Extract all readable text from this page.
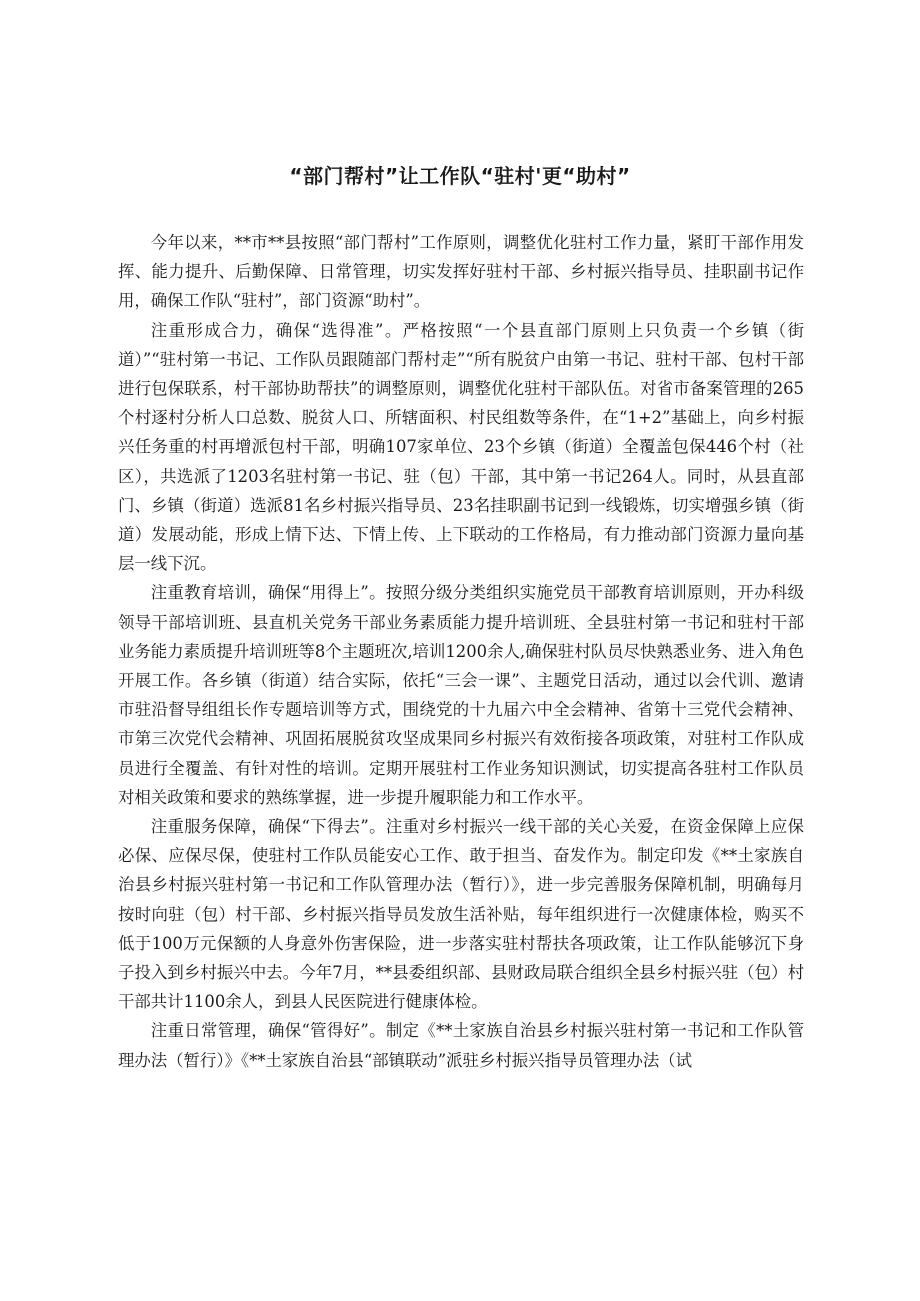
“部门帮村”让工作队“驻村'更“助村”

今年以来，**市**县按照“部门帮村”工作原则，调整优化驻村工作力量，紧盯干部作用发挥、能力提升、后勤保障、日常管理，切实发挥好驻村干部、乡村振兴指导员、挂职副书记作用，确保工作队“驻村”，部门资源“助村”。

注重形成合力，确保“选得准”。严格按照“一个县直部门原则上只负责一个乡镇（街道）”“驻村第一书记、工作队员跟随部门帮村走”“所有脱贫户由第一书记、驻村干部、包村干部进行包保联系，村干部协助帮扶”的调整原则，调整优化驻村干部队伍。对省市备案管理的265个村逐村分析人口总数、脱贫人口、所辖面积、村民组数等条件，在“1+2”基础上，向乡村振兴任务重的村再增派包村干部，明确107家单位、23个乡镇（街道）全覆盖包保446个村（社区），共选派了1203名驻村第一书记、驻（包）干部，其中第一书记264人。同时，从县直部门、乡镇（街道）选派81名乡村振兴指导员、23名挂职副书记到一线锻炼，切实增强乡镇（街道）发展动能，形成上情下达、下情上传、上下联动的工作格局，有力推动部门资源力量向基层一线下沉。

注重教育培训，确保“用得上”。按照分级分类组织实施党员干部教育培训原则，开办科级领导干部培训班、县直机关党务干部业务素质能力提升培训班、全县驻村第一书记和驻村干部业务能力素质提升培训班等8个主题班次,培训1200余人,确保驻村队员尽快熟悉业务、进入角色开展工作。各乡镇（街道）结合实际，依托“三会一课”、主题党日活动，通过以会代训、邀请市驻沿督导组组长作专题培训等方式，围绕党的十九届六中全会精神、省第十三党代会精神、市第三次党代会精神、巩固拓展脱贫攻坚成果同乡村振兴有效衔接各项政策，对驻村工作队成员进行全覆盖、有针对性的培训。定期开展驻村工作业务知识测试，切实提高各驻村工作队员对相关政策和要求的熟练掌握，进一步提升履职能力和工作水平。

注重服务保障，确保“下得去”。注重对乡村振兴一线干部的关心关爱，在资金保障上应保必保、应保尽保，使驻村工作队员能安心工作、敢于担当、奋发作为。制定印发《**土家族自治县乡村振兴驻村第一书记和工作队管理办法（暂行）》，进一步完善服务保障机制，明确每月按时向驻（包）村干部、乡村振兴指导员发放生活补贴，每年组织进行一次健康体检，购买不低于100万元保额的人身意外伤害保险，进一步落实驻村帮扶各项政策，让工作队能够沉下身子投入到乡村振兴中去。今年7月，**县委组织部、县财政局联合组织全县乡村振兴驻（包）村干部共计1100余人，到县人民医院进行健康体检。

注重日常管理，确保“管得好”。制定《**土家族自治县乡村振兴驻村第一书记和工作队管理办法（暂行）》《**土家族自治县“部镇联动”派驻乡村振兴指导员管理办法（试
